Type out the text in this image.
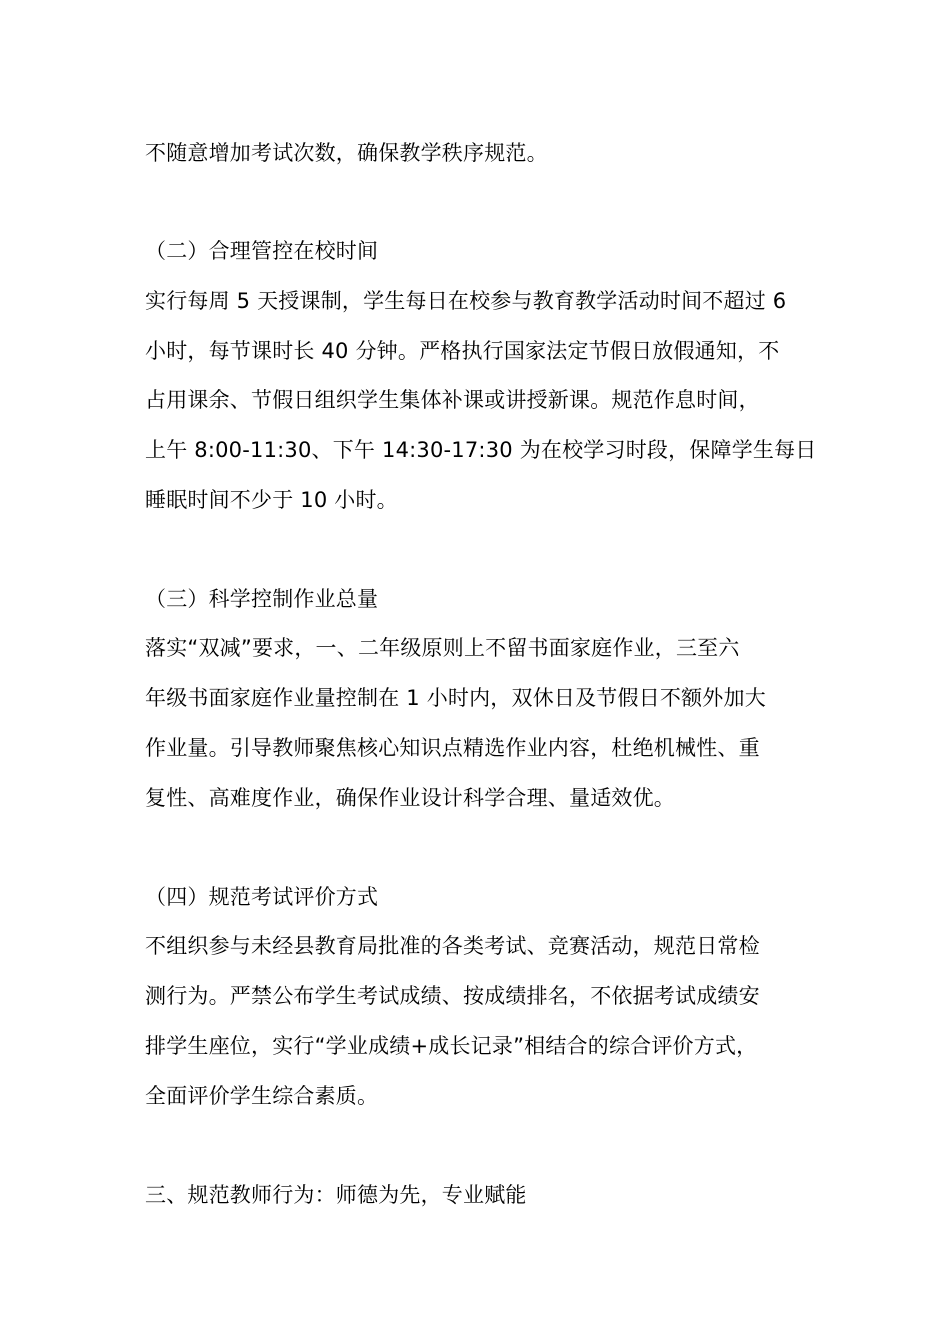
不随意增加考试次数，确保教学秩序规范。
（二）合理管控在校时间
实行每周 5 天授课制，学生每日在校参与教育教学活动时间不超过 6
小时，每节课时长 40 分钟。严格执行国家法定节假日放假通知，不
占用课余、节假日组织学生集体补课或讲授新课。规范作息时间，
上午 8:00-11:30、下午 14:30-17:30 为在校学习时段，保障学生每日
睡眠时间不少于 10 小时。
（三）科学控制作业总量
落实“双减”要求，一、二年级原则上不留书面家庭作业，三至六
年级书面家庭作业量控制在 1 小时内，双休日及节假日不额外加大
作业量。引导教师聚焦核心知识点精选作业内容，杜绝机械性、重
复性、高难度作业，确保作业设计科学合理、量适效优。
（四）规范考试评价方式
不组织参与未经县教育局批准的各类考试、竞赛活动，规范日常检
测行为。严禁公布学生考试成绩、按成绩排名，不依据考试成绩安
排学生座位，实行“学业成绩+成长记录”相结合的综合评价方式，
全面评价学生综合素质。
三、规范教师行为：师德为先，专业赋能
